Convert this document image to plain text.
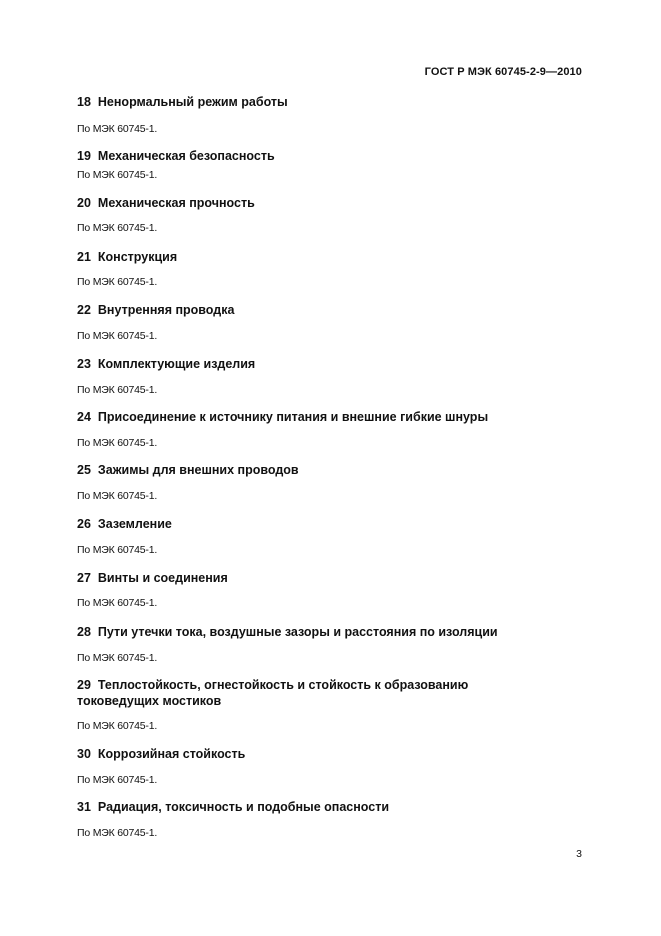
ГОСТ Р МЭК 60745-2-9—2010
18 Ненормальный режим работы
По МЭК 60745-1.
19 Механическая безопасность
По МЭК 60745-1.
20 Механическая прочность
По МЭК 60745-1.
21 Конструкция
По МЭК 60745-1.
22 Внутренняя проводка
По МЭК 60745-1.
23 Комплектующие изделия
По МЭК 60745-1.
24 Присоединение к источнику питания и внешние гибкие шнуры
По МЭК 60745-1.
25 Зажимы для внешних проводов
По МЭК 60745-1.
26 Заземление
По МЭК 60745-1.
27 Винты и соединения
По МЭК 60745-1.
28 Пути утечки тока, воздушные зазоры и расстояния по изоляции
По МЭК 60745-1.
29 Теплостойкость, огнестойкость и стойкость к образованию токоведущих мостиков
По МЭК 60745-1.
30 Коррозийная стойкость
По МЭК 60745-1.
31 Радиация, токсичность и подобные опасности
По МЭК 60745-1.
3
